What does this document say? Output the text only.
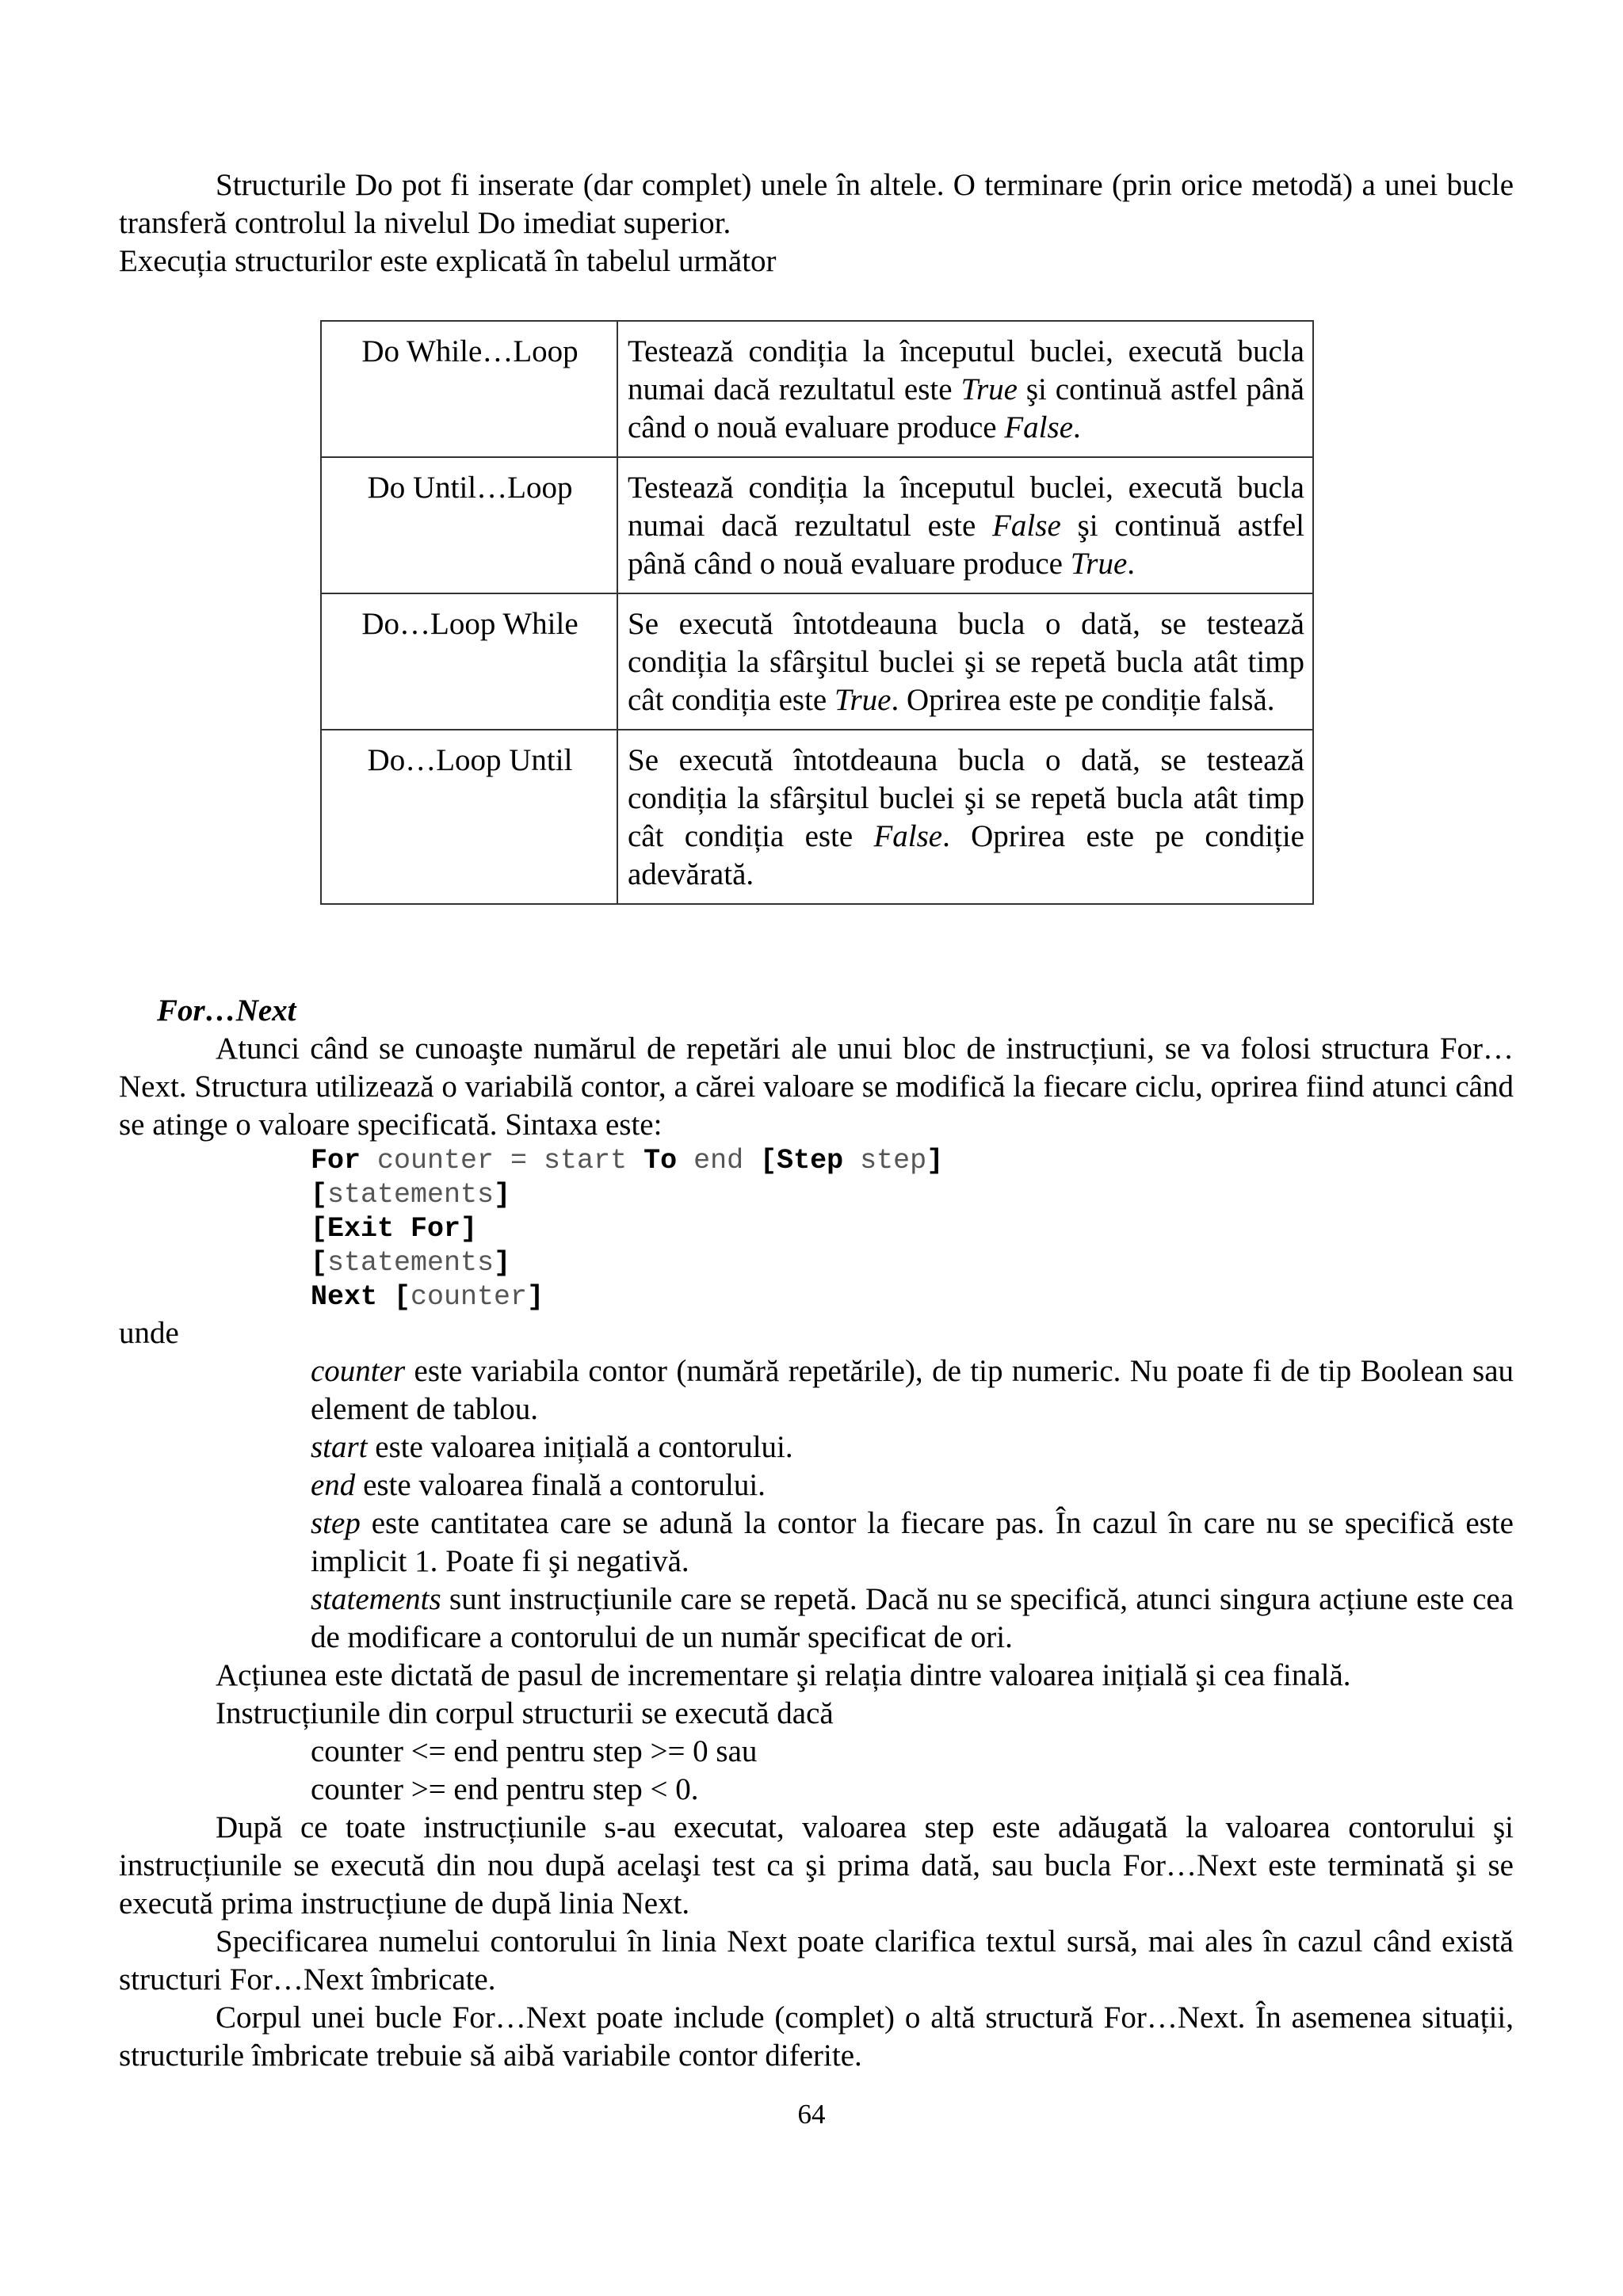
Structurile Do pot fi inserate (dar complet) unele în altele. O terminare (prin orice metodă) a unei bucle transferă controlul la nivelul Do imediat superior.

Execuția structurilor este explicată în tabelul următor

Do While…Loop	Testează condiția la începutul buclei, execută bucla numai dacă rezultatul este True şi continuă astfel până când o nouă evaluare produce False.
Do Until…Loop	Testează condiția la începutul buclei, execută bucla numai dacă rezultatul este False şi continuă astfel până când o nouă evaluare produce True.
Do…Loop While	Se execută întotdeauna bucla o dată, se testează condiția la sfârşitul buclei şi se repetă bucla atât timp cât condiția este True. Oprirea este pe condiție falsă.
Do…Loop Until	Se execută întotdeauna bucla o dată, se testează condiția la sfârşitul buclei şi se repetă bucla atât timp cât condiția este False. Oprirea este pe condiție adevărată.

For…Next

Atunci când se cunoaşte numărul de repetări ale unui bloc de instrucțiuni, se va folosi structura For…Next. Structura utilizează o variabilă contor, a cărei valoare se modifică la fiecare ciclu, oprirea fiind atunci când se atinge o valoare specificată. Sintaxa este:

For counter = start To end [Step step]
[statements]
[Exit For]
[statements]
Next [counter]

unde

counter este variabila contor (numără repetările), de tip numeric. Nu poate fi de tip Boolean sau element de tablou.

start este valoarea inițială a contorului.

end este valoarea finală a contorului.

step este cantitatea care se adună la contor la fiecare pas. În cazul în care nu se specifică este implicit 1. Poate fi şi negativă.

statements sunt instrucțiunile care se repetă. Dacă nu se specifică, atunci singura acțiune este cea de modificare a contorului de un număr specificat de ori.

Acțiunea este dictată de pasul de incrementare şi relația dintre valoarea inițială şi cea finală.

Instrucțiunile din corpul structurii se execută dacă

counter <= end pentru step >= 0 sau

counter >= end pentru step < 0.

După ce toate instrucțiunile s-au executat, valoarea step este adăugată la valoarea contorului şi instrucțiunile se execută din nou după acelaşi test ca şi prima dată, sau bucla For…Next este terminată şi se execută prima instrucțiune de după linia Next.

Specificarea numelui contorului în linia Next poate clarifica textul sursă, mai ales în cazul când există structuri For…Next îmbricate.

Corpul unei bucle For…Next poate include (complet) o altă structură For…Next. În asemenea situații, structurile îmbricate trebuie să aibă variabile contor diferite.

64
